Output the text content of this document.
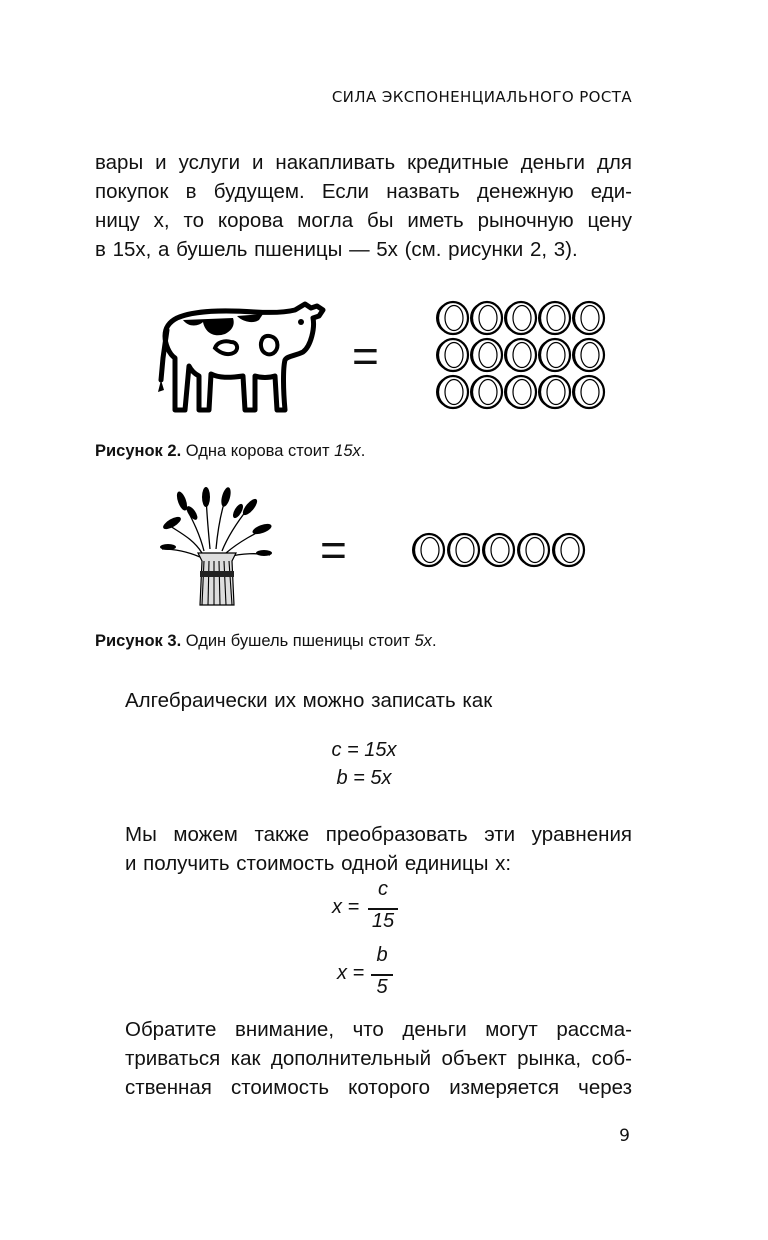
СИЛА ЭКСПОНЕНЦИАЛЬНОГО РОСТА
вары и услуги и накапливать кредитные деньги для
покупок в будущем. Если назвать денежную еди-
ницу x, то корова могла бы иметь рыночную цену
в 15x, а бушель пшеницы — 5x (см. рисунки 2, 3).
=
Рисунок 2. Одна корова стоит 15x.
=
Рисунок 3. Один бушель пшеницы стоит 5x.
Алгебраически их можно записать как
c = 15x
b = 5x
Мы можем также преобразовать эти уравнения
и получить стоимость одной единицы x:
x =
c
15
x =
b
5
Обратите внимание, что деньги могут рассма-
триваться как дополнительный объект рынка, соб-
ственная стоимость которого измеряется через
9
